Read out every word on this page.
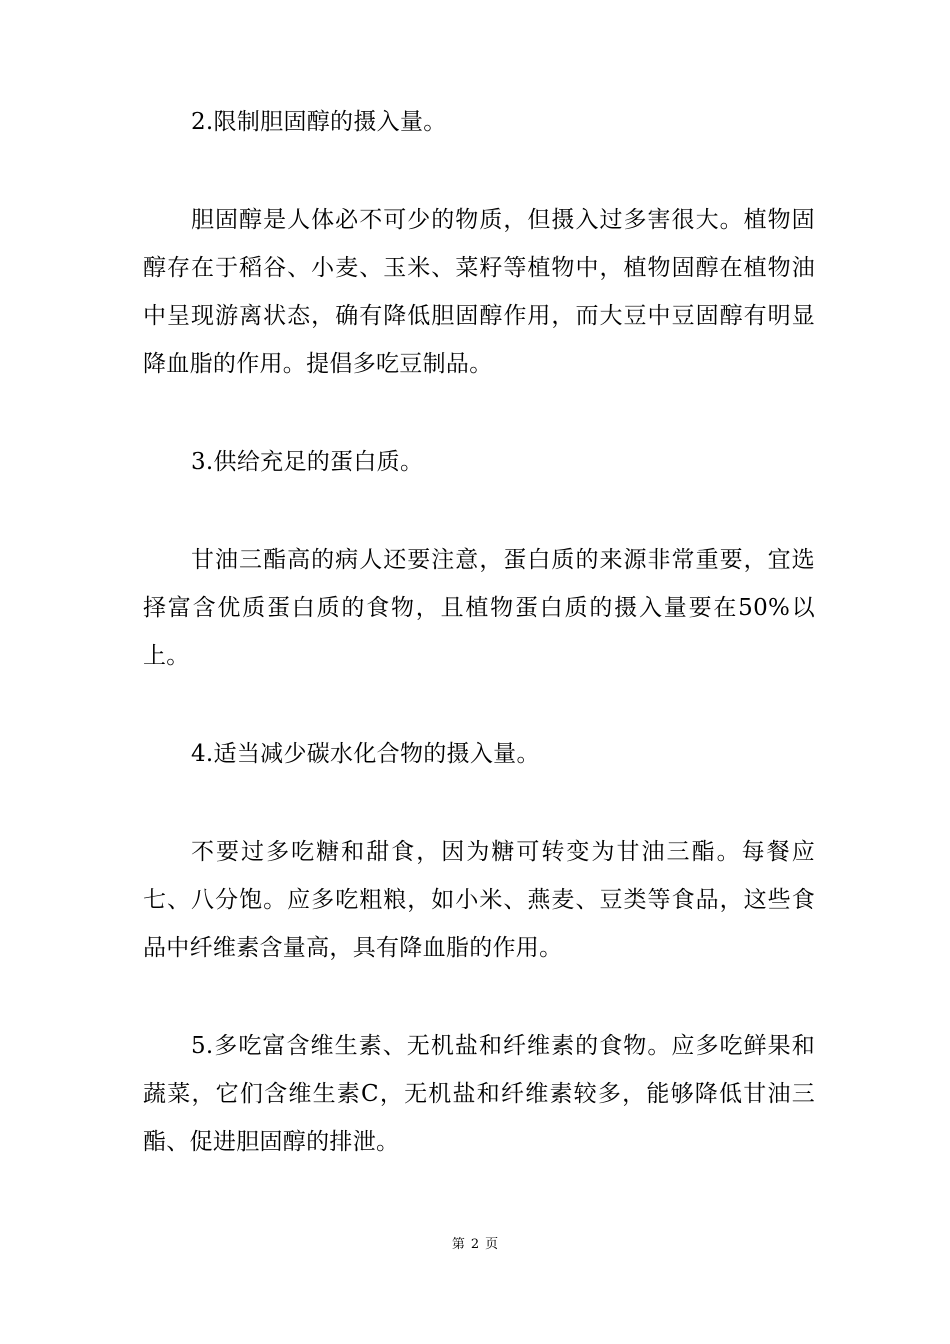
2.限制胆固醇的摄入量。

胆固醇是人体必不可少的物质，但摄入过多害很大。植物固醇存在于稻谷、小麦、玉米、菜籽等植物中，植物固醇在植物油中呈现游离状态，确有降低胆固醇作用，而大豆中豆固醇有明显降血脂的作用。提倡多吃豆制品。

3.供给充足的蛋白质。

甘油三酯高的病人还要注意，蛋白质的来源非常重要，宜选择富含优质蛋白质的食物，且植物蛋白质的摄入量要在50%以上。

4.适当减少碳水化合物的摄入量。

不要过多吃糖和甜食，因为糖可转变为甘油三酯。每餐应七、八分饱。应多吃粗粮，如小米、燕麦、豆类等食品，这些食品中纤维素含量高，具有降血脂的作用。

5.多吃富含维生素、无机盐和纤维素的食物。应多吃鲜果和蔬菜，它们含维生素C，无机盐和纤维素较多，能够降低甘油三酯、促进胆固醇的排泄。

第 2 页
